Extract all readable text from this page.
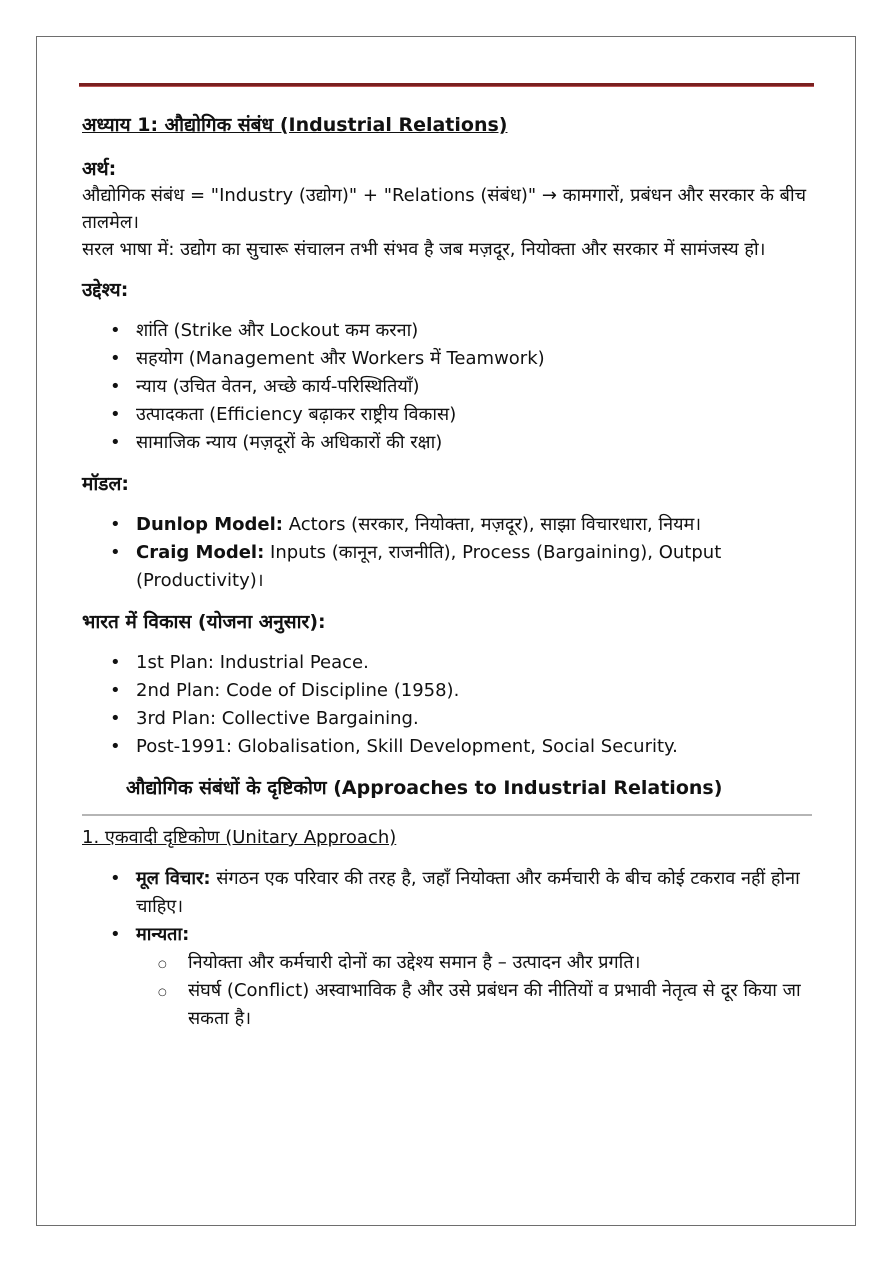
अध्याय 1: औद्योगिक संबंध (Industrial Relations)
अर्थ:

औद्योगिक संबंध = "Industry (उद्योग)" + "Relations (संबंध)" → कामगारों, प्रबंधन और सरकार के बीच तालमेल।

सरल भाषा में: उद्योग का सुचारू संचालन तभी संभव है जब मज़दूर, नियोक्ता और सरकार में सामंजस्य हो।

उद्देश्य:
• शांति (Strike और Lockout कम करना)
• सहयोग (Management और Workers में Teamwork)
• न्याय (उचित वेतन, अच्छे कार्य-परिस्थितियाँ)
• उत्पादकता (Efficiency बढ़ाकर राष्ट्रीय विकास)
• सामाजिक न्याय (मज़दूरों के अधिकारों की रक्षा)
मॉडल:
• Dunlop Model: Actors (सरकार, नियोक्ता, मज़दूर), साझा विचारधारा, नियम।
• Craig Model: Inputs (कानून, राजनीति), Process (Bargaining), Output (Productivity)।
भारत में विकास (योजना अनुसार):
• 1st Plan: Industrial Peace.
• 2nd Plan: Code of Discipline (1958).
• 3rd Plan: Collective Bargaining.
• Post-1991: Globalisation, Skill Development, Social Security.
औद्योगिक संबंधों के दृष्टिकोण (Approaches to Industrial Relations)

1. एकवादी दृष्टिकोण (Unitary Approach)

• मूल विचार: संगठन एक परिवार की तरह है, जहाँ नियोक्ता और कर्मचारी के बीच कोई टकराव नहीं होना चाहिए।
• मान्यता:
○ नियोक्ता और कर्मचारी दोनों का उद्देश्य समान है – उत्पादन और प्रगति।
○ संघर्ष (Conflict) अस्वाभाविक है और उसे प्रबंधन की नीतियों व प्रभावी नेतृत्व से दूर किया जा सकता है।
